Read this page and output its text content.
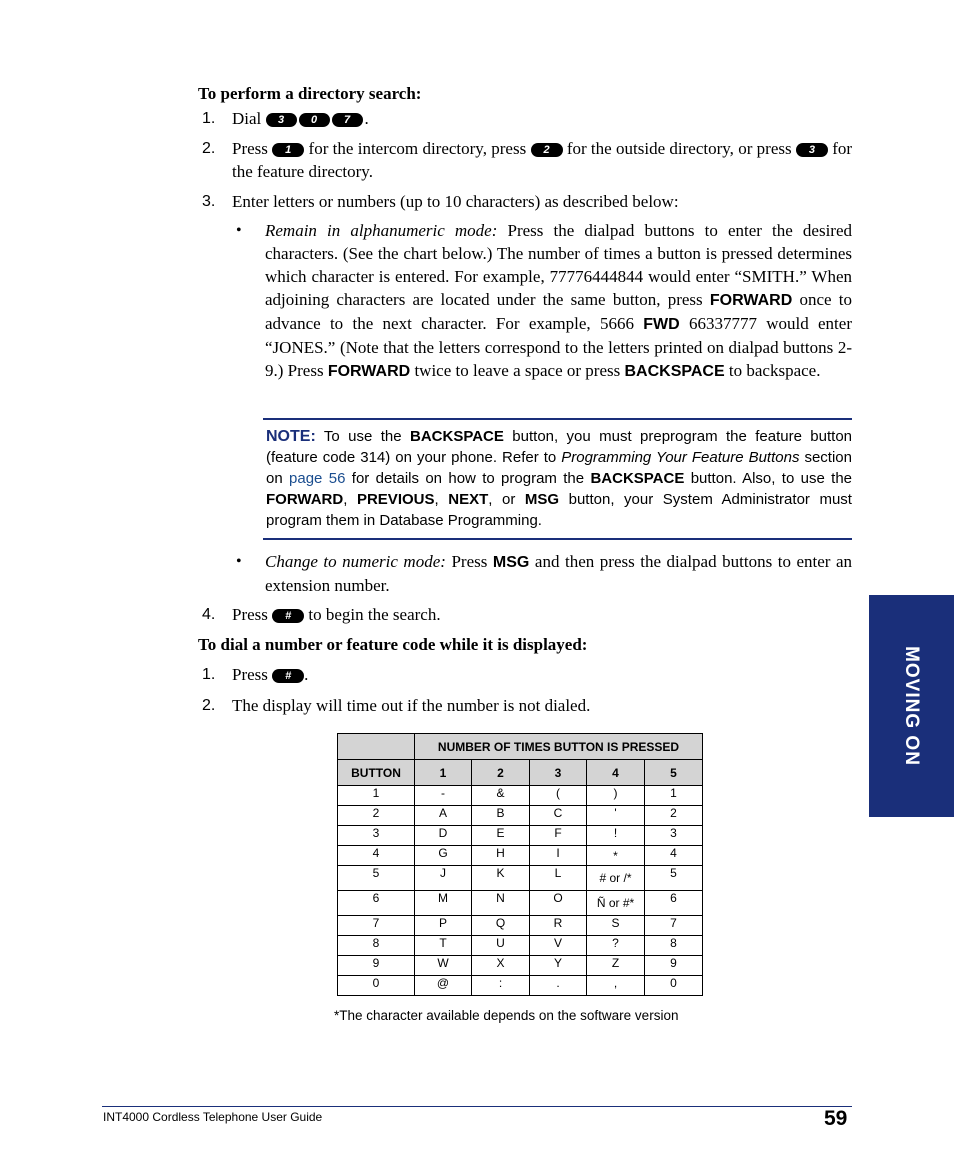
To perform a directory search:
1. Dial 3 0 7 .
2. Press 1 for the intercom directory, press 2 for the outside directory, or press 3 for the feature directory.
3. Enter letters or numbers (up to 10 characters) as described below:
• Remain in alphanumeric mode: Press the dialpad buttons to enter the desired characters. (See the chart below.) The number of times a button is pressed determines which character is entered. For example, 77776444844 would enter “SMITH.” When adjoining characters are located under the same button, press FORWARD once to advance to the next character. For example, 5666 FWD 66337777 would enter “JONES.” (Note that the letters correspond to the letters printed on dialpad buttons 2-9.) Press FORWARD twice to leave a space or press BACKSPACE to backspace.
NOTE: To use the BACKSPACE button, you must preprogram the feature button (feature code 314) on your phone. Refer to Programming Your Feature Buttons section on page 56 for details on how to program the BACKSPACE button. Also, to use the FORWARD, PREVIOUS, NEXT, or MSG button, your System Administrator must program them in Database Programming.
• Change to numeric mode: Press MSG and then press the dialpad buttons to enter an extension number.
4. Press # to begin the search.
To dial a number or feature code while it is displayed:
1. Press # .
2. The display will time out if the number is not dialed.
	NUMBER OF TIMES BUTTON IS PRESSED				
BUTTON	1	2	3	4	5
1	-	&	(	)	1
2	A	B	C	'	2
3	D	E	F	!	3
4	G	H	I	*	4
5	J	K	L	# or /*	5
6	M	N	O	Ñ or #*	6
7	P	Q	R	S	7
8	T	U	V	?	8
9	W	X	Y	Z	9
0	@	:	.	,	0
*The character available depends on the software version
MOVING ON
INT4000 Cordless Telephone User Guide	59
